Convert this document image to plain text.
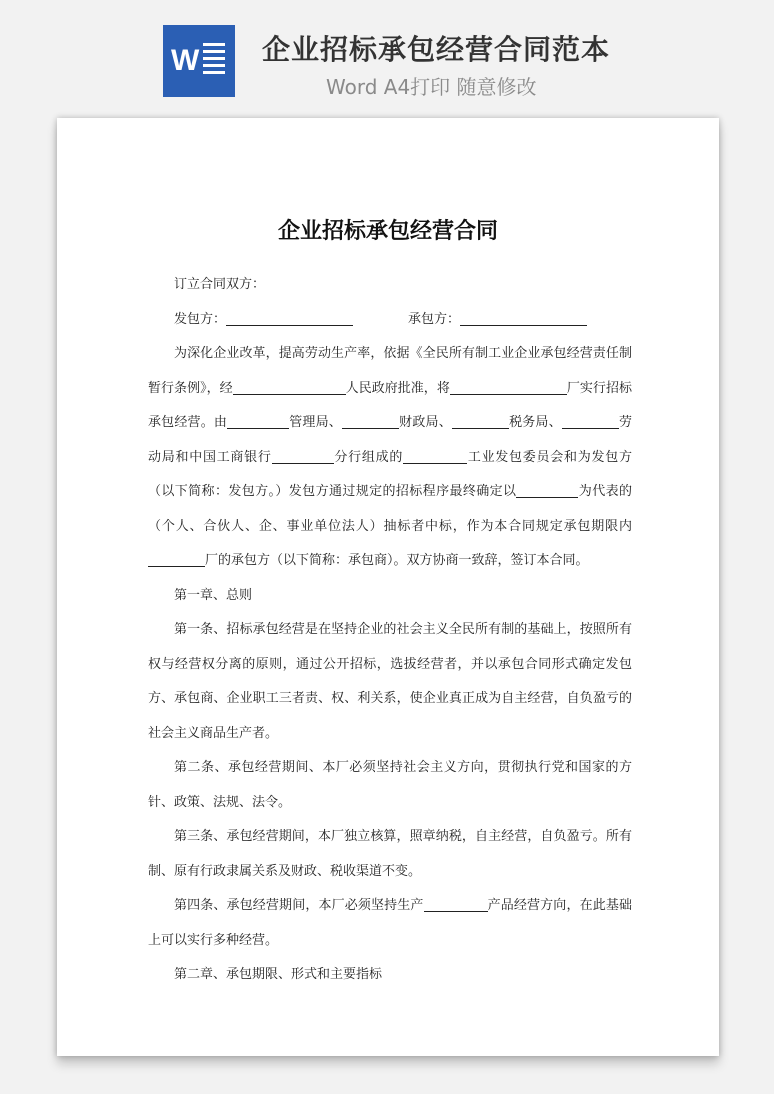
W 企业招标承包经营合同范本
Word A4打印 随意修改
企业招标承包经营合同

订立合同双方：

发包方：	承包方：

为深化企业改革，提高劳动生产率，依据《全民所有制工业企业承包经营责任制暂行条例》，经	人民政府批准，将	厂实行招标承包经营。由	管理局、	财政局、	税务局、	劳动局和中国工商银行	分行组成的	工业发包委员会和为发包方（以下简称：发包方。）发包方通过规定的招标程序最终确定以	为代表的（个人、合伙人、企、事业单位法人）抽标者中标，作为本合同规定承包期限内厂的承包方（以下简称：承包商）。双方协商一致辞，签订本合同。

第一章、总则

第一条、招标承包经营是在坚持企业的社会主义全民所有制的基础上，按照所有权与经营权分离的原则，通过公开招标，选拔经营者，并以承包合同形式确定发包方、承包商、企业职工三者责、权、利关系，使企业真正成为自主经营，自负盈亏的社会主义商品生产者。

第二条、承包经营期间、本厂必须坚持社会主义方向，贯彻执行党和国家的方针、政策、法规、法令。

第三条、承包经营期间，本厂独立核算，照章纳税，自主经营，自负盈亏。所有制、原有行政隶属关系及财政、税收渠道不变。

第四条、承包经营期间，本厂必须坚持生产	产品经营方向，在此基础上可以实行多种经营。

第二章、承包期限、形式和主要指标
